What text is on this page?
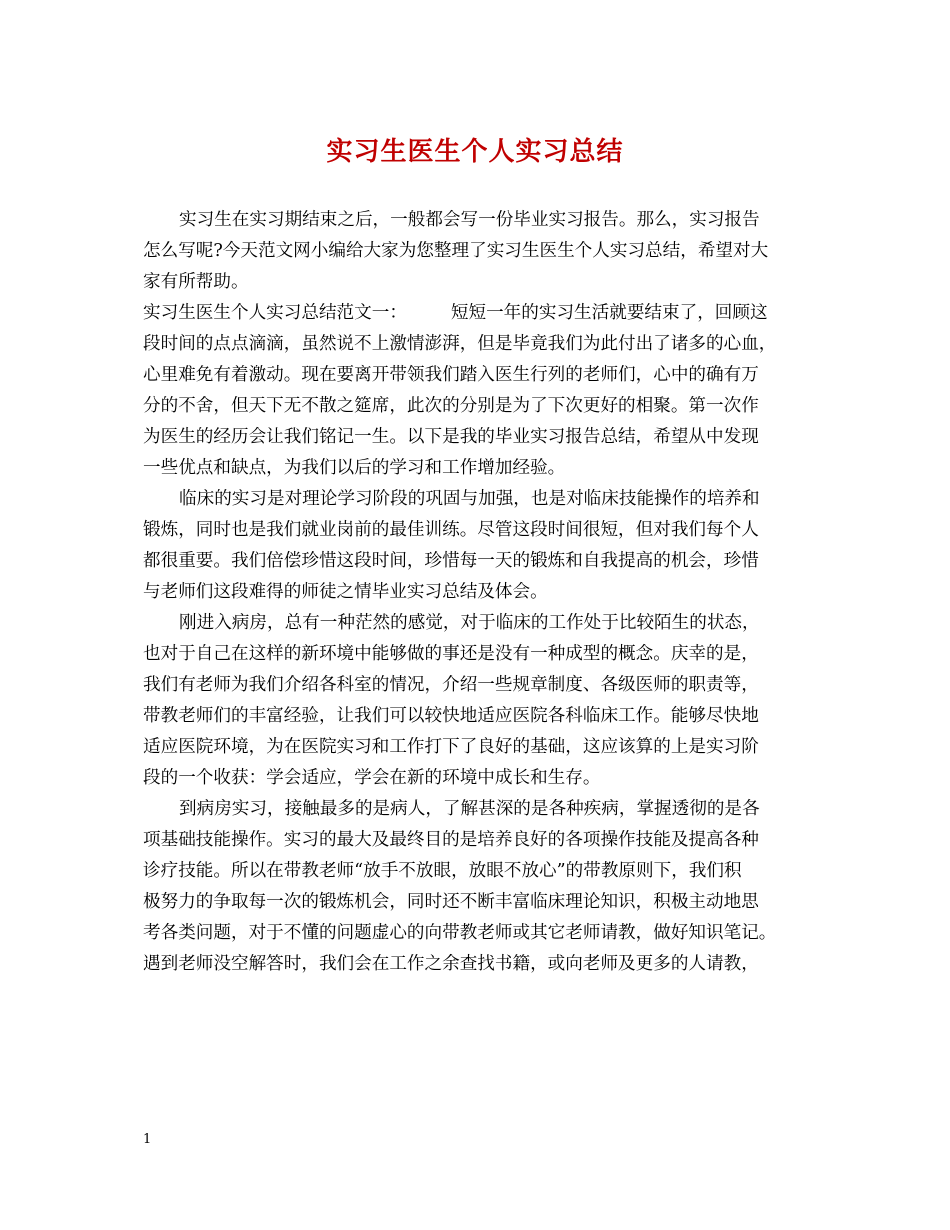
实习生医生个人实习总结
实习生在实习期结束之后，一般都会写一份毕业实习报告。那么，实习报告
怎么写呢?今天范文网小编给大家为您整理了实习生医生个人实习总结，希望对大
家有所帮助。
实习生医生个人实习总结范文一：　　　短短一年的实习生活就要结束了，回顾这
段时间的点点滴滴，虽然说不上激情澎湃，但是毕竟我们为此付出了诸多的心血，
心里难免有着激动。现在要离开带领我们踏入医生行列的老师们，心中的确有万
分的不舍，但天下无不散之筵席，此次的分别是为了下次更好的相聚。第一次作
为医生的经历会让我们铭记一生。以下是我的毕业实习报告总结，希望从中发现
一些优点和缺点，为我们以后的学习和工作增加经验。
临床的实习是对理论学习阶段的巩固与加强，也是对临床技能操作的培养和
锻炼，同时也是我们就业岗前的最佳训练。尽管这段时间很短，但对我们每个人
都很重要。我们倍偿珍惜这段时间，珍惜每一天的锻炼和自我提高的机会，珍惜
与老师们这段难得的师徒之情毕业实习总结及体会。
刚进入病房，总有一种茫然的感觉，对于临床的工作处于比较陌生的状态，
也对于自己在这样的新环境中能够做的事还是没有一种成型的概念。庆幸的是，
我们有老师为我们介绍各科室的情况，介绍一些规章制度、各级医师的职责等，
带教老师们的丰富经验，让我们可以较快地适应医院各科临床工作。能够尽快地
适应医院环境，为在医院实习和工作打下了良好的基础，这应该算的上是实习阶
段的一个收获：学会适应，学会在新的环境中成长和生存。
到病房实习，接触最多的是病人，了解甚深的是各种疾病，掌握透彻的是各
项基础技能操作。实习的最大及最终目的是培养良好的各项操作技能及提高各种
诊疗技能。所以在带教老师“放手不放眼，放眼不放心”的带教原则下，我们积
极努力的争取每一次的锻炼机会，同时还不断丰富临床理论知识，积极主动地思
考各类问题，对于不懂的问题虚心的向带教老师或其它老师请教，做好知识笔记。
遇到老师没空解答时，我们会在工作之余查找书籍，或向老师及更多的人请教，
1
